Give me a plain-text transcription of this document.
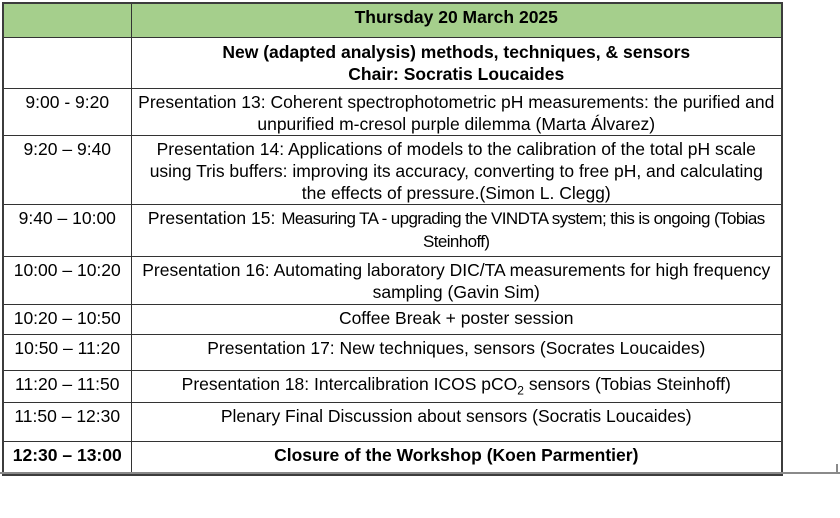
	Thursday 20 March 2025

	New (adapted analysis) methods, techniques, & sensors
Chair: Socratis Loucaides

9:00 - 9:20	Presentation 13: Coherent spectrophotometric pH measurements: the purified and unpurified m-cresol purple dilemma (Marta Álvarez)
9:20 – 9:40	Presentation 14: Applications of models to the calibration of the total pH scale using Tris buffers: improving its accuracy, converting to free pH, and calculating the effects of pressure.(Simon L. Clegg)
9:40 – 10:00	Presentation 15: Measuring TA - upgrading the VINDTA system; this is ongoing (Tobias Steinhoff)
10:00 – 10:20	Presentation 16: Automating laboratory DIC/TA measurements for high frequency sampling (Gavin Sim)
10:20 – 10:50	Coffee Break + poster session
10:50 – 11:20	Presentation 17: New techniques, sensors (Socrates Loucaides)
11:20 – 11:50	Presentation 18: Intercalibration ICOS pCO$_2$ sensors (Tobias Steinhoff)
11:50 – 12:30	Plenary Final Discussion about sensors (Socratis Loucaides)
12:30 – 13:00	Closure of the Workshop (Koen Parmentier)
